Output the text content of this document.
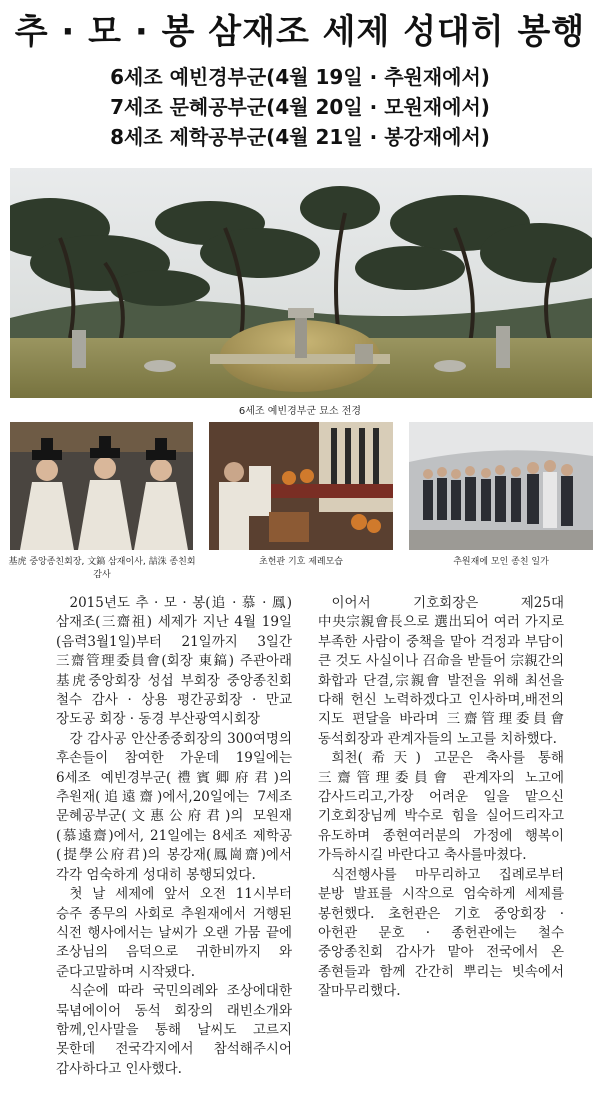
추 · 모 · 봉 삼재조 세제 성대히 봉행
6세조 예빈경부군(4월 19일 · 추원재에서)
7세조 문혜공부군(4월 20일 · 모원재에서)
8세조 제학공부군(4월 21일 · 봉강재에서)
6세조 예빈경부군 묘소 전경
基虎 중앙종친회장, 文鎬 삼재이사, 喆洙 종친회감사
초헌관 기호 제례모습	추원재에 모인 종친 일가

2015년도 추 · 모 · 봉(追 · 慕 · 鳳) 삼재조(三齋祖) 세제가 지난 4월 19일(음력3월1일)부터 21일까지 3일간 三齋管理委員會(회장 東鎬) 주관아래 基虎중앙회장 성섭 부회장 중앙종친회 철수 감사 · 상용 평간공회장 · 만교 장도공 회장 · 동경 부산광역시회장

강 감사공 안산종중회장의 300여명의 후손들이 참여한 가운데 19일에는 6세조 예빈경부군(禮賓卿府君)의 추원재(追遠齋)에서,20일에는 7세조 문혜공부군(文惠公府君)의 모원재(慕遠齋)에서, 21일에는 8세조 제학공(提學公府君)의 봉강재(鳳崗齋)에서 각각 엄숙하게 성대히 봉행되었다.

첫 날 세제에 앞서 오전 11시부터 승주 종무의 사회로 추원재에서 거행된 식전 행사에서는 날씨가 오랜 가뭄 끝에 조상님의 음덕으로 귀한비까지 와 준다고말하며 시작됐다.

식순에 따라 국민의례와 조상에대한 묵념에이어 동석 회장의 래빈소개와 함께,인사말을 통해 날씨도 고르지 못한데 전국각지에서 참석해주시어 감사하다고 인사했다.

이어서 기호회장은 제25대 中央宗親會長으로 選出되어 여러 가지로 부족한 사람이 중책을 맡아 걱정과 부담이 큰 것도 사실이나 召命을 받들어 宗親간의 화합과 단결,宗親會 발전을 위해 최선을 다해 헌신 노력하겠다고 인사하며,배전의 지도 편달을 바라며 三齋管理委員會 동석회장과 관계자들의 노고를 치하했다.

희천(希天) 고문은 축사를 통해 三齋管理委員會 관계자의 노고에 감사드리고,가장 어려운 일을 맡으신 기호회장님께 박수로 힘을 실어드리자고 유도하며 종현여러분의 가정에 행복이 가득하시길 바란다고 축사를마쳤다.

식전행사를 마무리하고 집례로부터 분방 발표를 시작으로 엄숙하게 세제를 봉헌했다. 초헌관은 기호 중앙회장 · 아헌관 문호 · 종헌관에는 철수 중앙종친회 감사가 맡아 전국에서 온 종현들과 함께 간간히 뿌리는 빗속에서 잘마무리했다.
